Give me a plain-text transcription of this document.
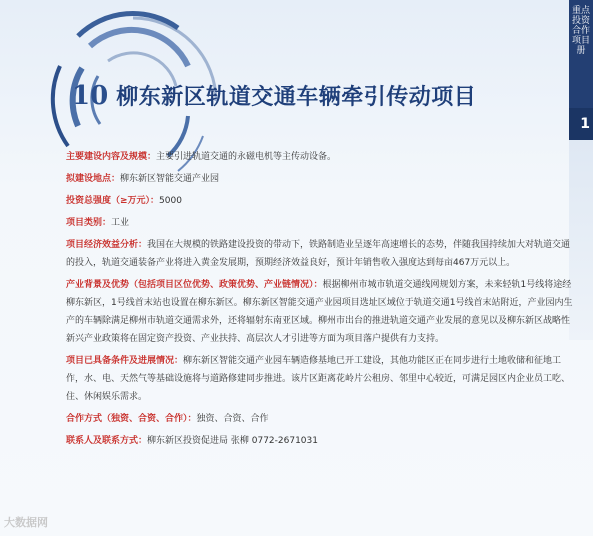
重点投资合作项目册
1
10 柳东新区轨道交通车辆牵引传动项目

主要建设内容及规模：主要引进轨道交通的永磁电机等主传动设备。

拟建设地点：柳东新区智能交通产业园

投资总强度（≥万元）：5000

项目类别：工业

项目经济效益分析：我国在大规模的铁路建设投资的带动下，铁路制造业呈逐年高速增长的态势，伴随我国持续加大对轨道交通的投入，轨道交通装备产业将进入黄金发展期，预期经济效益良好，预计年销售收入强度达到每亩467万元以上。

产业背景及优势（包括项目区位优势、政策优势、产业链情况）：根据柳州市城市轨道交通线网规划方案，未来轻轨1号线将途经柳东新区，1号线首末站也设置在柳东新区。柳东新区智能交通产业园项目选址区域位于轨道交通1号线首末站附近，产业园内生产的车辆除满足柳州市轨道交通需求外，还将辐射东南亚区域。柳州市出台的推进轨道交通产业发展的意见以及柳东新区战略性新兴产业政策将在固定资产投资、产业扶持、高层次人才引进等方面为项目落户提供有力支持。

项目已具备条件及进展情况：柳东新区智能交通产业园车辆造修基地已开工建设，其他功能区正在同步进行土地收储和征地工作，水、电、天然气等基础设施将与道路修建同步推进。该片区距离花岭片公租房、邻里中心较近，可满足园区内企业员工吃、住、休闲娱乐需求。

合作方式（独资、合资、合作）：独资、合资、合作

联系人及联系方式：柳东新区投资促进局 张柳 0772-2671031

大数据网
